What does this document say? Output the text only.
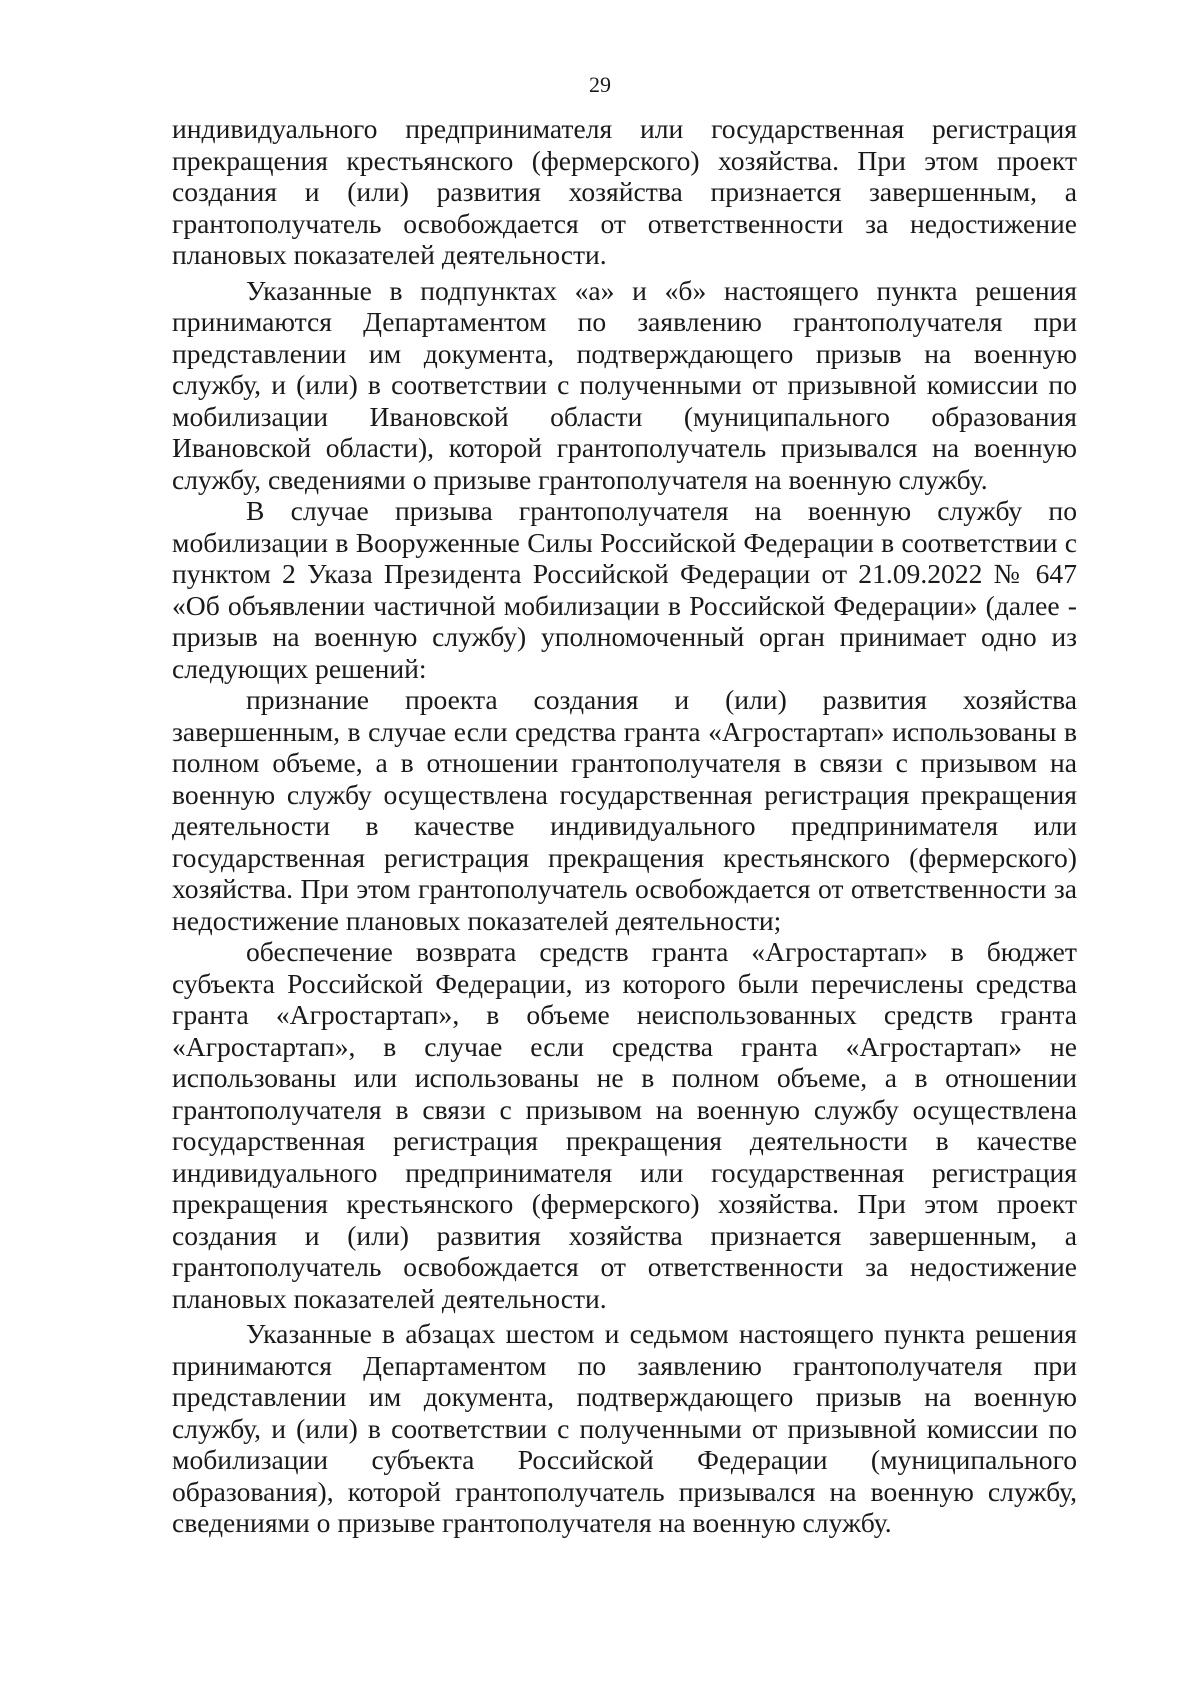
29

индивидуального предпринимателя или государственная регистрация прекращения крестьянского (фермерского) хозяйства. При этом проект создания и (или) развития хозяйства признается завершенным, а грантополучатель освобождается от ответственности за недостижение плановых показателей деятельности.

Указанные в подпунктах «а» и «б» настоящего пункта решения принимаются Департаментом по заявлению грантополучателя при представлении им документа, подтверждающего призыв на военную службу, и (или) в соответствии с полученными от призывной комиссии по мобилизации Ивановской области (муниципального образования Ивановской области), которой грантополучатель призывался на военную службу, сведениями о призыве грантополучателя на военную службу.

В случае призыва грантополучателя на военную службу по мобилизации в Вооруженные Силы Российской Федерации в соответствии с пунктом 2 Указа Президента Российской Федерации от 21.09.2022 № 647 «Об объявлении частичной мобилизации в Российской Федерации» (далее - призыв на военную службу) уполномоченный орган принимает одно из следующих решений:

признание проекта создания и (или) развития хозяйства завершенным, в случае если средства гранта «Агростартап» использованы в полном объеме, а в отношении грантополучателя в связи с призывом на военную службу осуществлена государственная регистрация прекращения деятельности в качестве индивидуального предпринимателя или государственная регистрация прекращения крестьянского (фермерского) хозяйства. При этом грантополучатель освобождается от ответственности за недостижение плановых показателей деятельности;

обеспечение возврата средств гранта «Агростартап» в бюджет субъекта Российской Федерации, из которого были перечислены средства гранта «Агростартап», в объеме неиспользованных средств гранта «Агростартап», в случае если средства гранта «Агростартап» не использованы или использованы не в полном объеме, а в отношении грантополучателя в связи с призывом на военную службу осуществлена государственная регистрация прекращения деятельности в качестве индивидуального предпринимателя или государственная регистрация прекращения крестьянского (фермерского) хозяйства. При этом проект создания и (или) развития хозяйства признается завершенным, а грантополучатель освобождается от ответственности за недостижение плановых показателей деятельности.

Указанные в абзацах шестом и седьмом настоящего пункта решения принимаются Департаментом по заявлению грантополучателя при представлении им документа, подтверждающего призыв на военную службу, и (или) в соответствии с полученными от призывной комиссии по мобилизации субъекта Российской Федерации (муниципального образования), которой грантополучатель призывался на военную службу, сведениями о призыве грантополучателя на военную службу.
